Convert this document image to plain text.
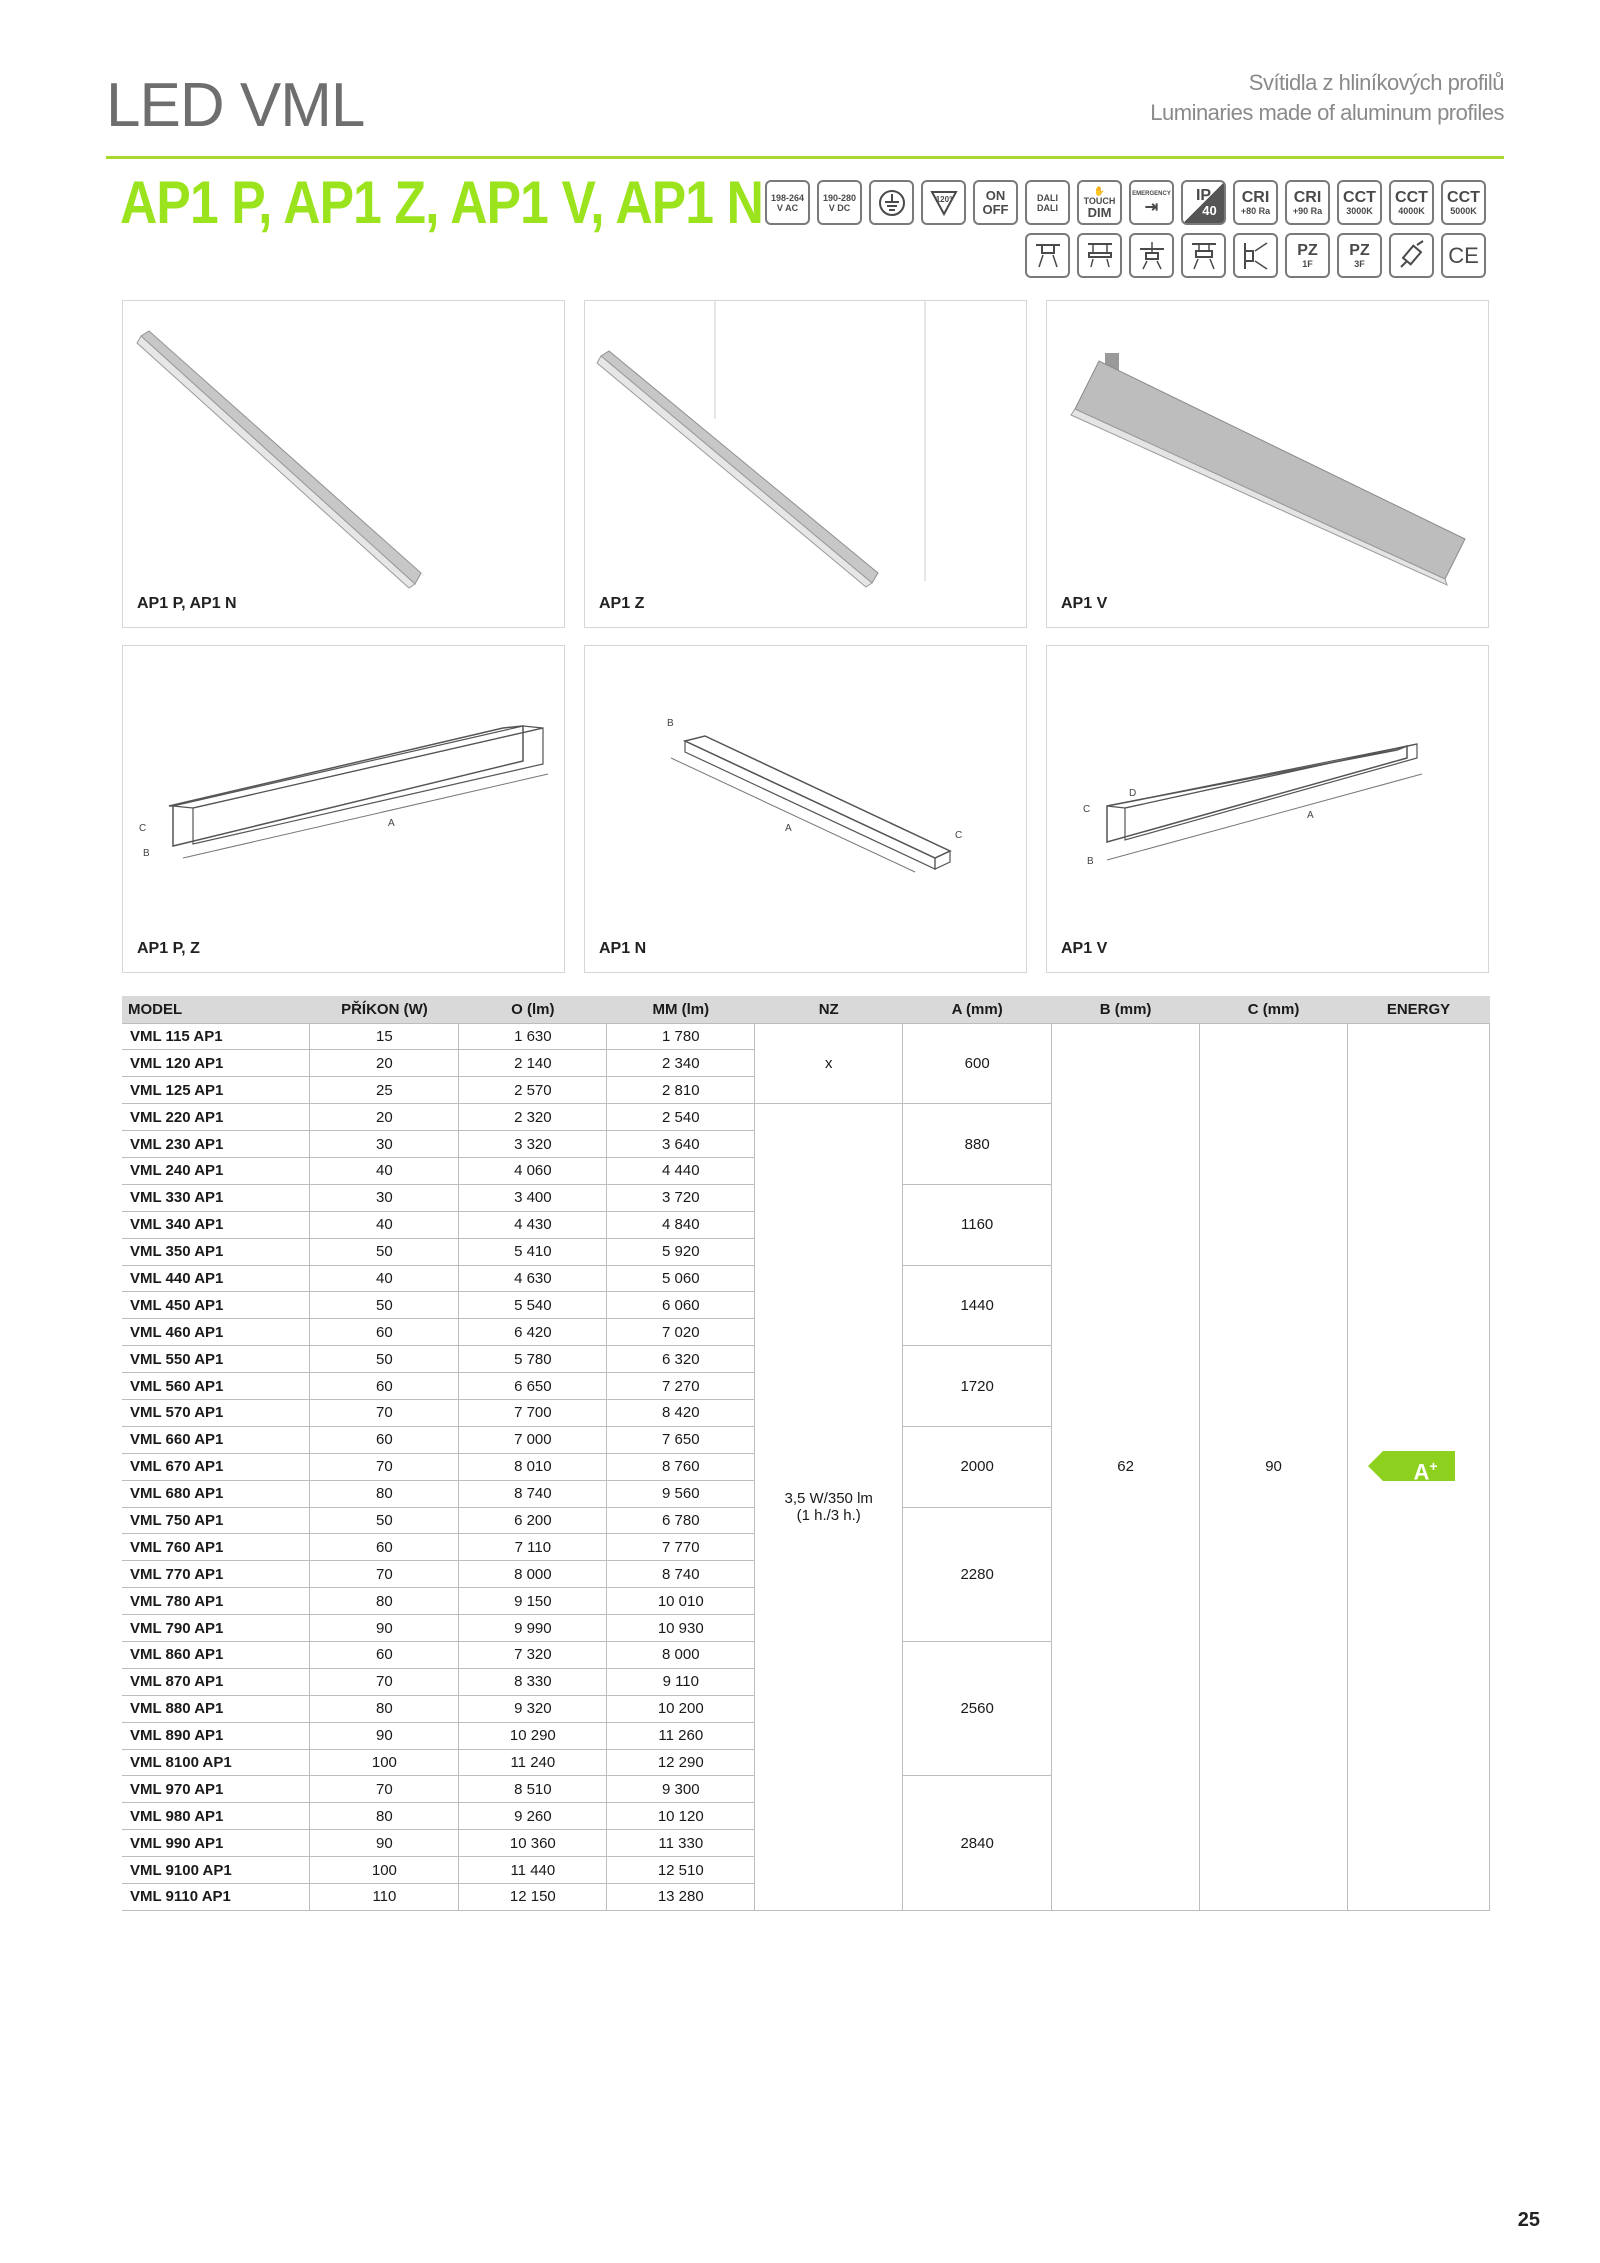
LED VML	Svítidla z hliníkových profilů
Luminaries made of aluminum profiles
AP1 P, AP1 Z, AP1 V, AP1 N 198-264
V AC
190-280
V DC
120°	ON
OFF
DALI
DALI
✋
TOUCH
DIM
EMERGENCY
⇥
IP
40
CRI
+80 Ra
CRI
+90 Ra
CCT
3000K
CCT
4000K
CCT
5000K
PZ
1F
PZ
3F	CE
AP1 P, AP1 N	AP1 Z	AP1 V
A
C
B
AP1 P, Z
A
B
C
AP1 N
A
B
C
D
AP1 V
MODEL	PŘÍKON (W)	O (lm)	MM (lm)	NZ	A (mm)	B (mm)	C (mm)	ENERGY
VML 115 AP1	15	1 630	1 780	x	600	62	90	A+
VML 120 AP1	20	2 140	2 340					
VML 125 AP1	25	2 570	2 810					
VML 220 AP1	20	2 320	2 540	3,5 W/350 lm
(1 h./3 h.)	880			
VML 230 AP1	30	3 320	3 640					
VML 240 AP1	40	4 060	4 440					
VML 330 AP1	30	3 400	3 720		1160			
VML 340 AP1	40	4 430	4 840					
VML 350 AP1	50	5 410	5 920					
VML 440 AP1	40	4 630	5 060		1440			
VML 450 AP1	50	5 540	6 060					
VML 460 AP1	60	6 420	7 020					
VML 550 AP1	50	5 780	6 320		1720			
VML 560 AP1	60	6 650	7 270					
VML 570 AP1	70	7 700	8 420					
VML 660 AP1	60	7 000	7 650		2000			
VML 670 AP1	70	8 010	8 760					
VML 680 AP1	80	8 740	9 560					
VML 750 AP1	50	6 200	6 780		2280			
VML 760 AP1	60	7 110	7 770					
VML 770 AP1	70	8 000	8 740					
VML 780 AP1	80	9 150	10 010					
VML 790 AP1	90	9 990	10 930					
VML 860 AP1	60	7 320	8 000		2560			
VML 870 AP1	70	8 330	9 110					
VML 880 AP1	80	9 320	10 200					
VML 890 AP1	90	10 290	11 260					
VML 8100 AP1	100	11 240	12 290					
VML 970 AP1	70	8 510	9 300		2840			
VML 980 AP1	80	9 260	10 120					
VML 990 AP1	90	10 360	11 330					
VML 9100 AP1	100	11 440	12 510					
VML 9110 AP1	110	12 150	13 280					
25
